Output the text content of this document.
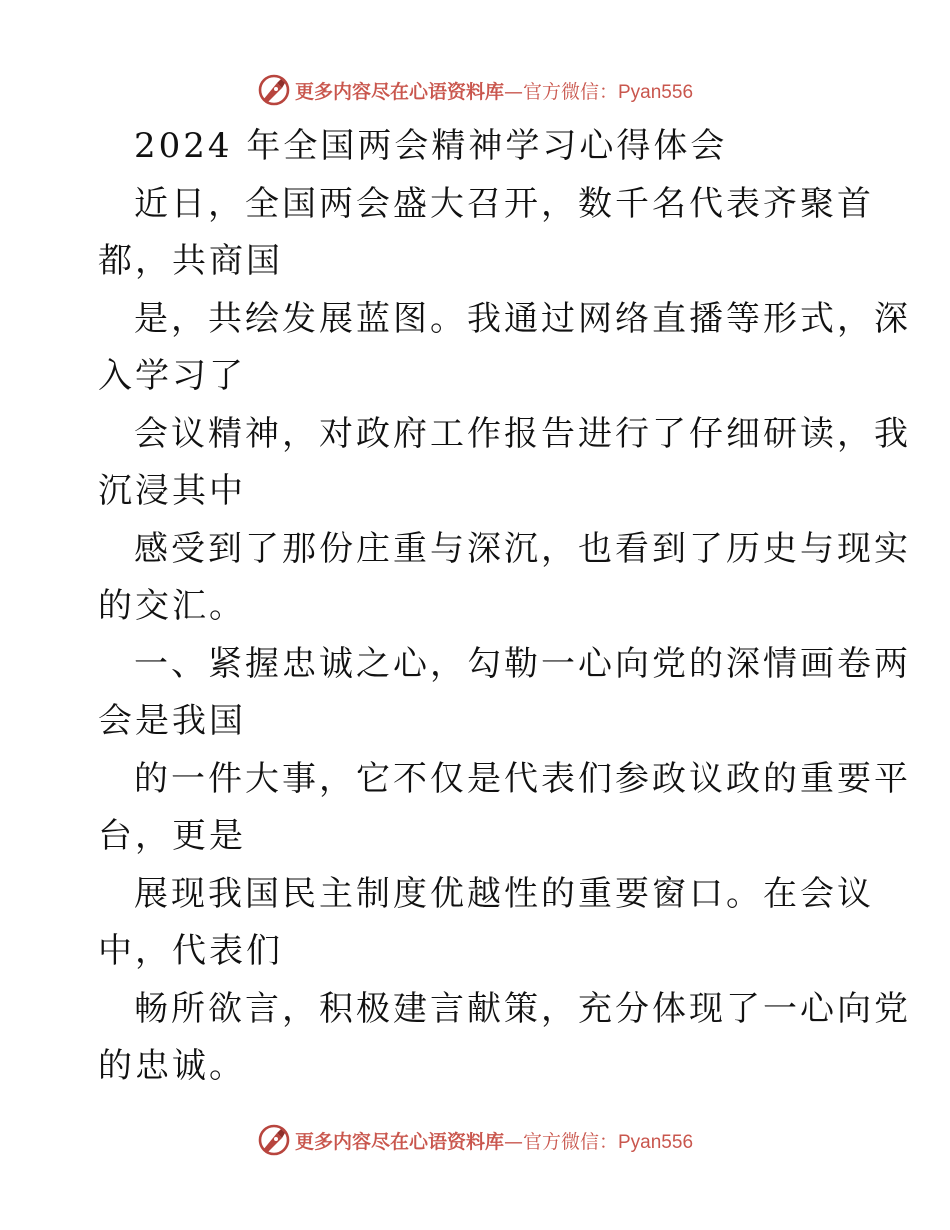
更多内容尽在心语资料库—官方微信：Pyan556
2024 年全国两会精神学习心得体会
近日，全国两会盛大召开，数千名代表齐聚首
都，共商国
是，共绘发展蓝图。我通过网络直播等形式，深
入学习了
会议精神，对政府工作报告进行了仔细研读，我
沉浸其中
感受到了那份庄重与深沉，也看到了历史与现实
的交汇。
一、紧握忠诚之心，勾勒一心向党的深情画卷两
会是我国
的一件大事，它不仅是代表们参政议政的重要平
台，更是
展现我国民主制度优越性的重要窗口。在会议
中，代表们
畅所欲言，积极建言献策，充分体现了一心向党
的忠诚。
更多内容尽在心语资料库—官方微信：Pyan556
